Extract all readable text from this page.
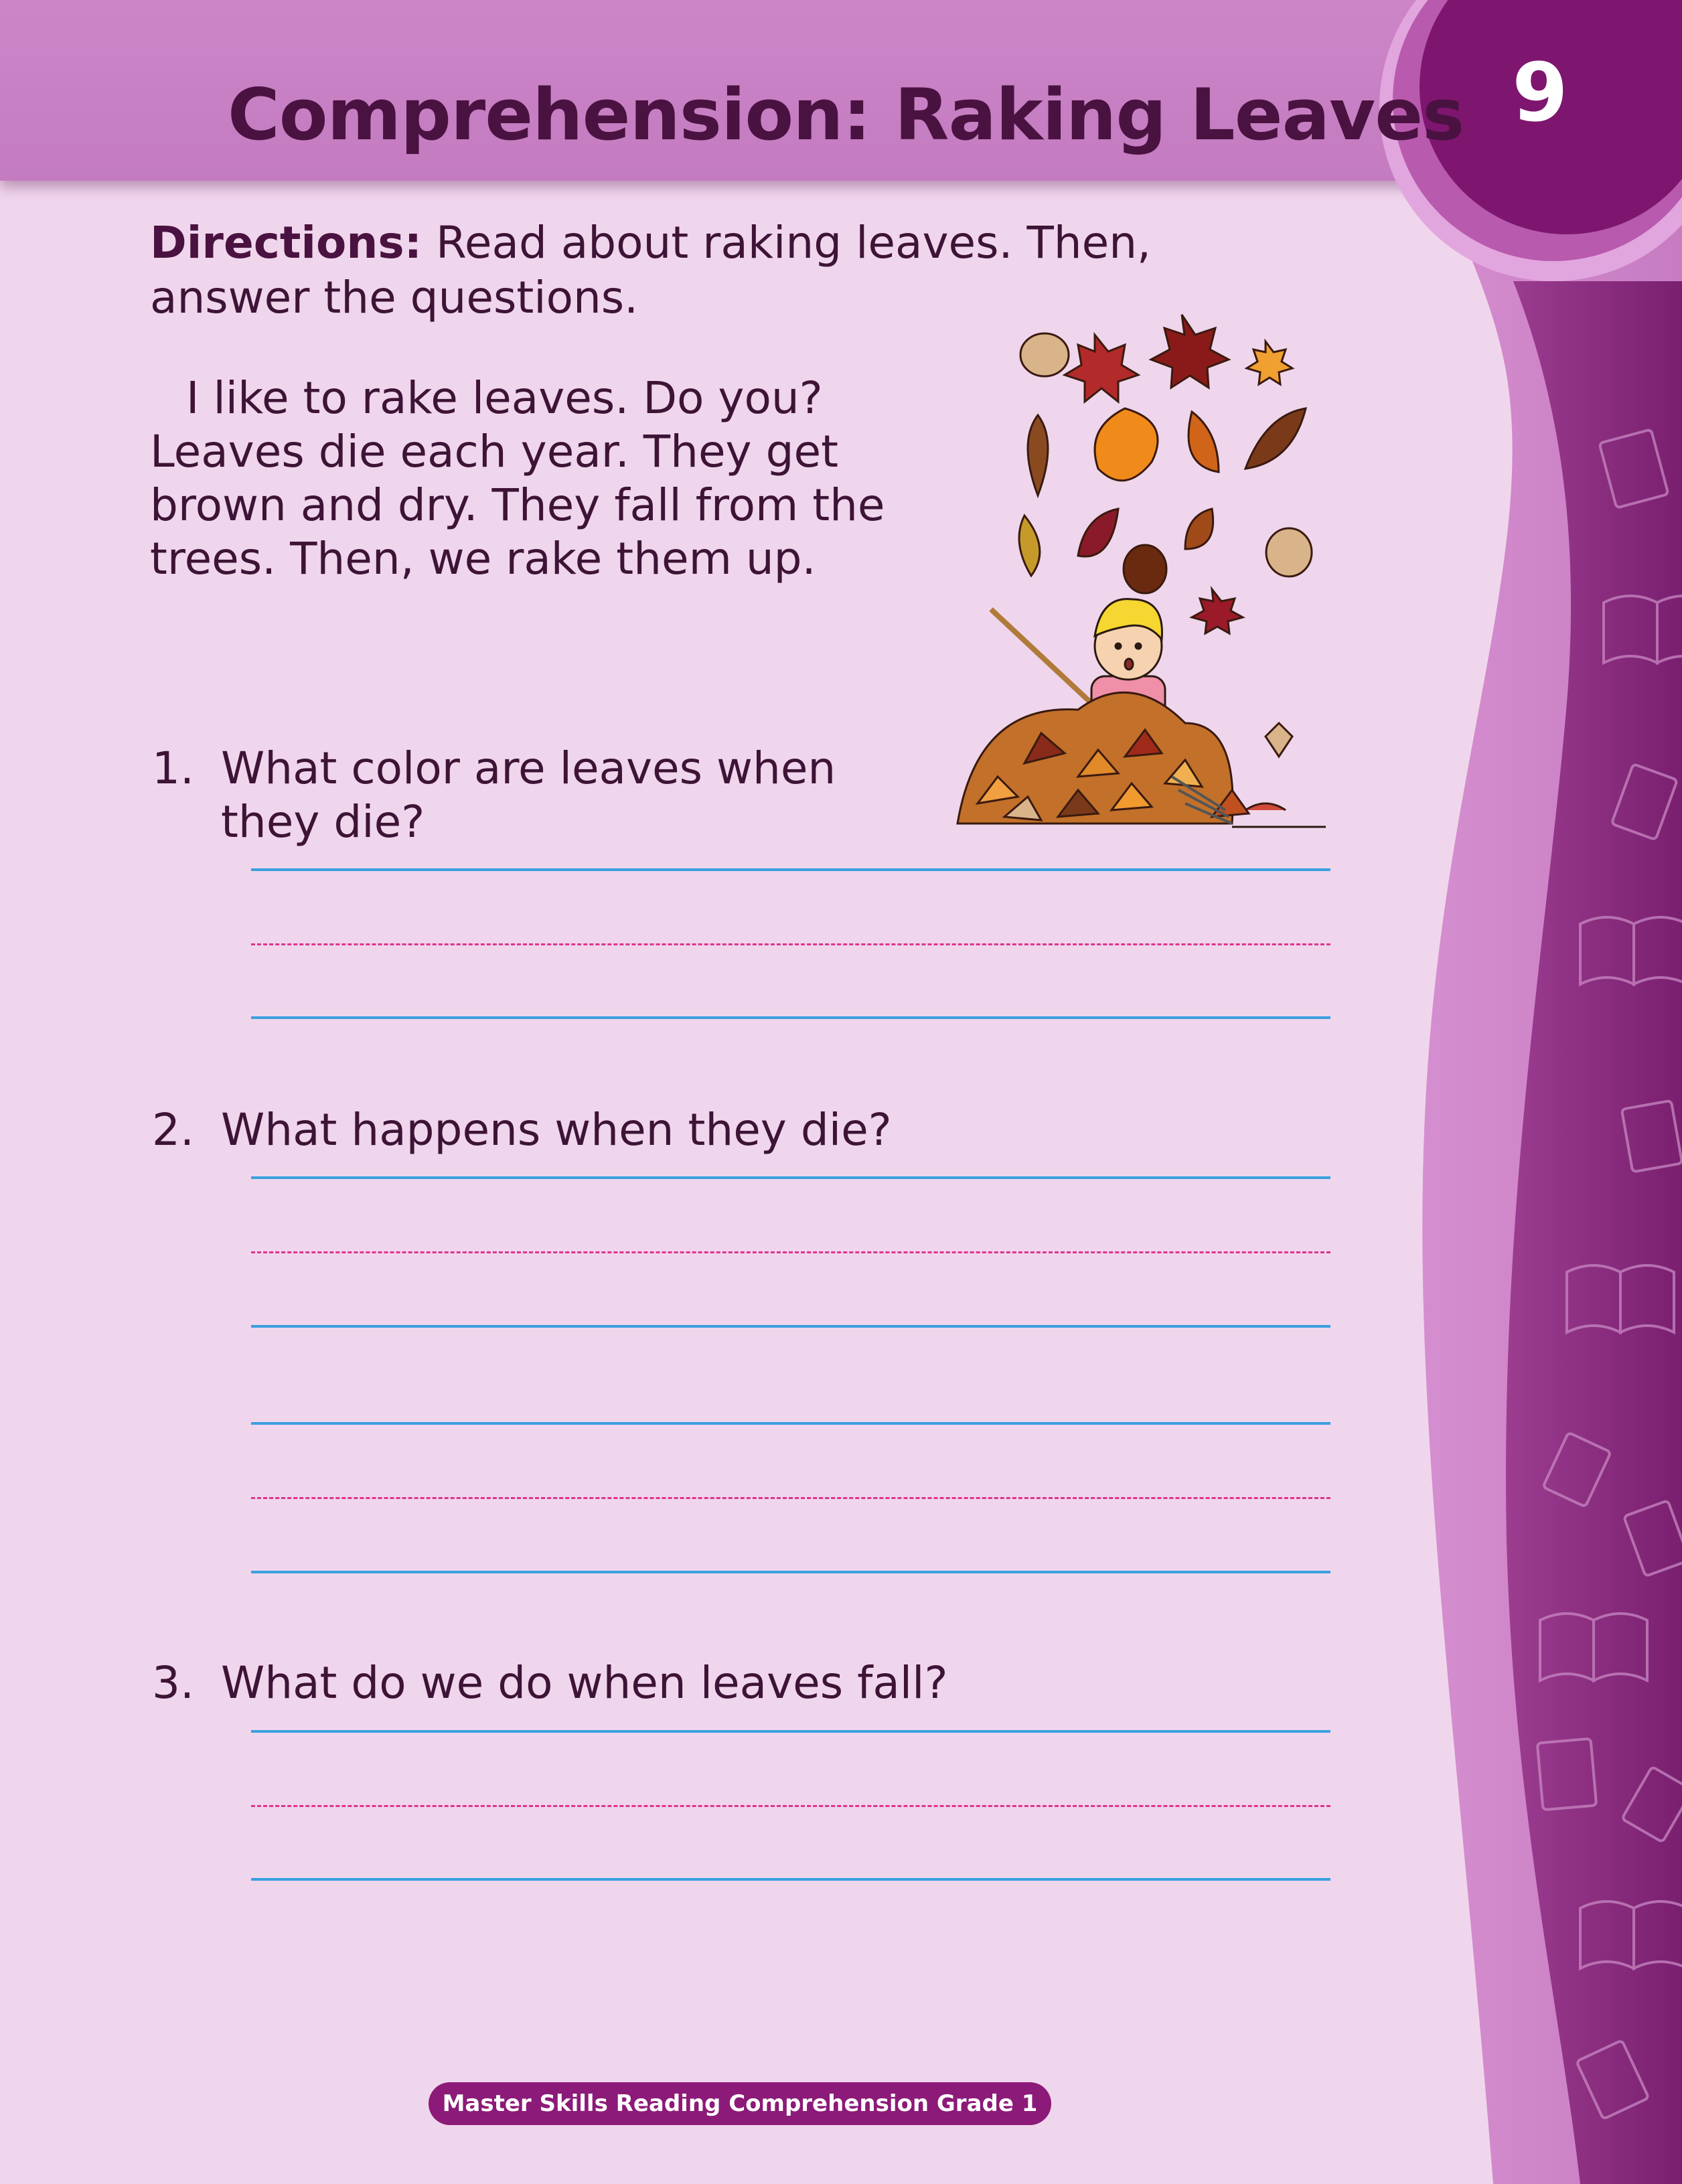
9
Comprehension: Raking Leaves

Directions: Read about raking leaves. Then, answer the questions.

I like to rake leaves. Do you? Leaves die each year. They get brown and dry. They fall from the trees. Then, we rake them up.

1. What color are leaves when
they die?
2. What happens when they die?
3. What do we do when leaves fall?
Master Skills Reading Comprehension Grade 1
